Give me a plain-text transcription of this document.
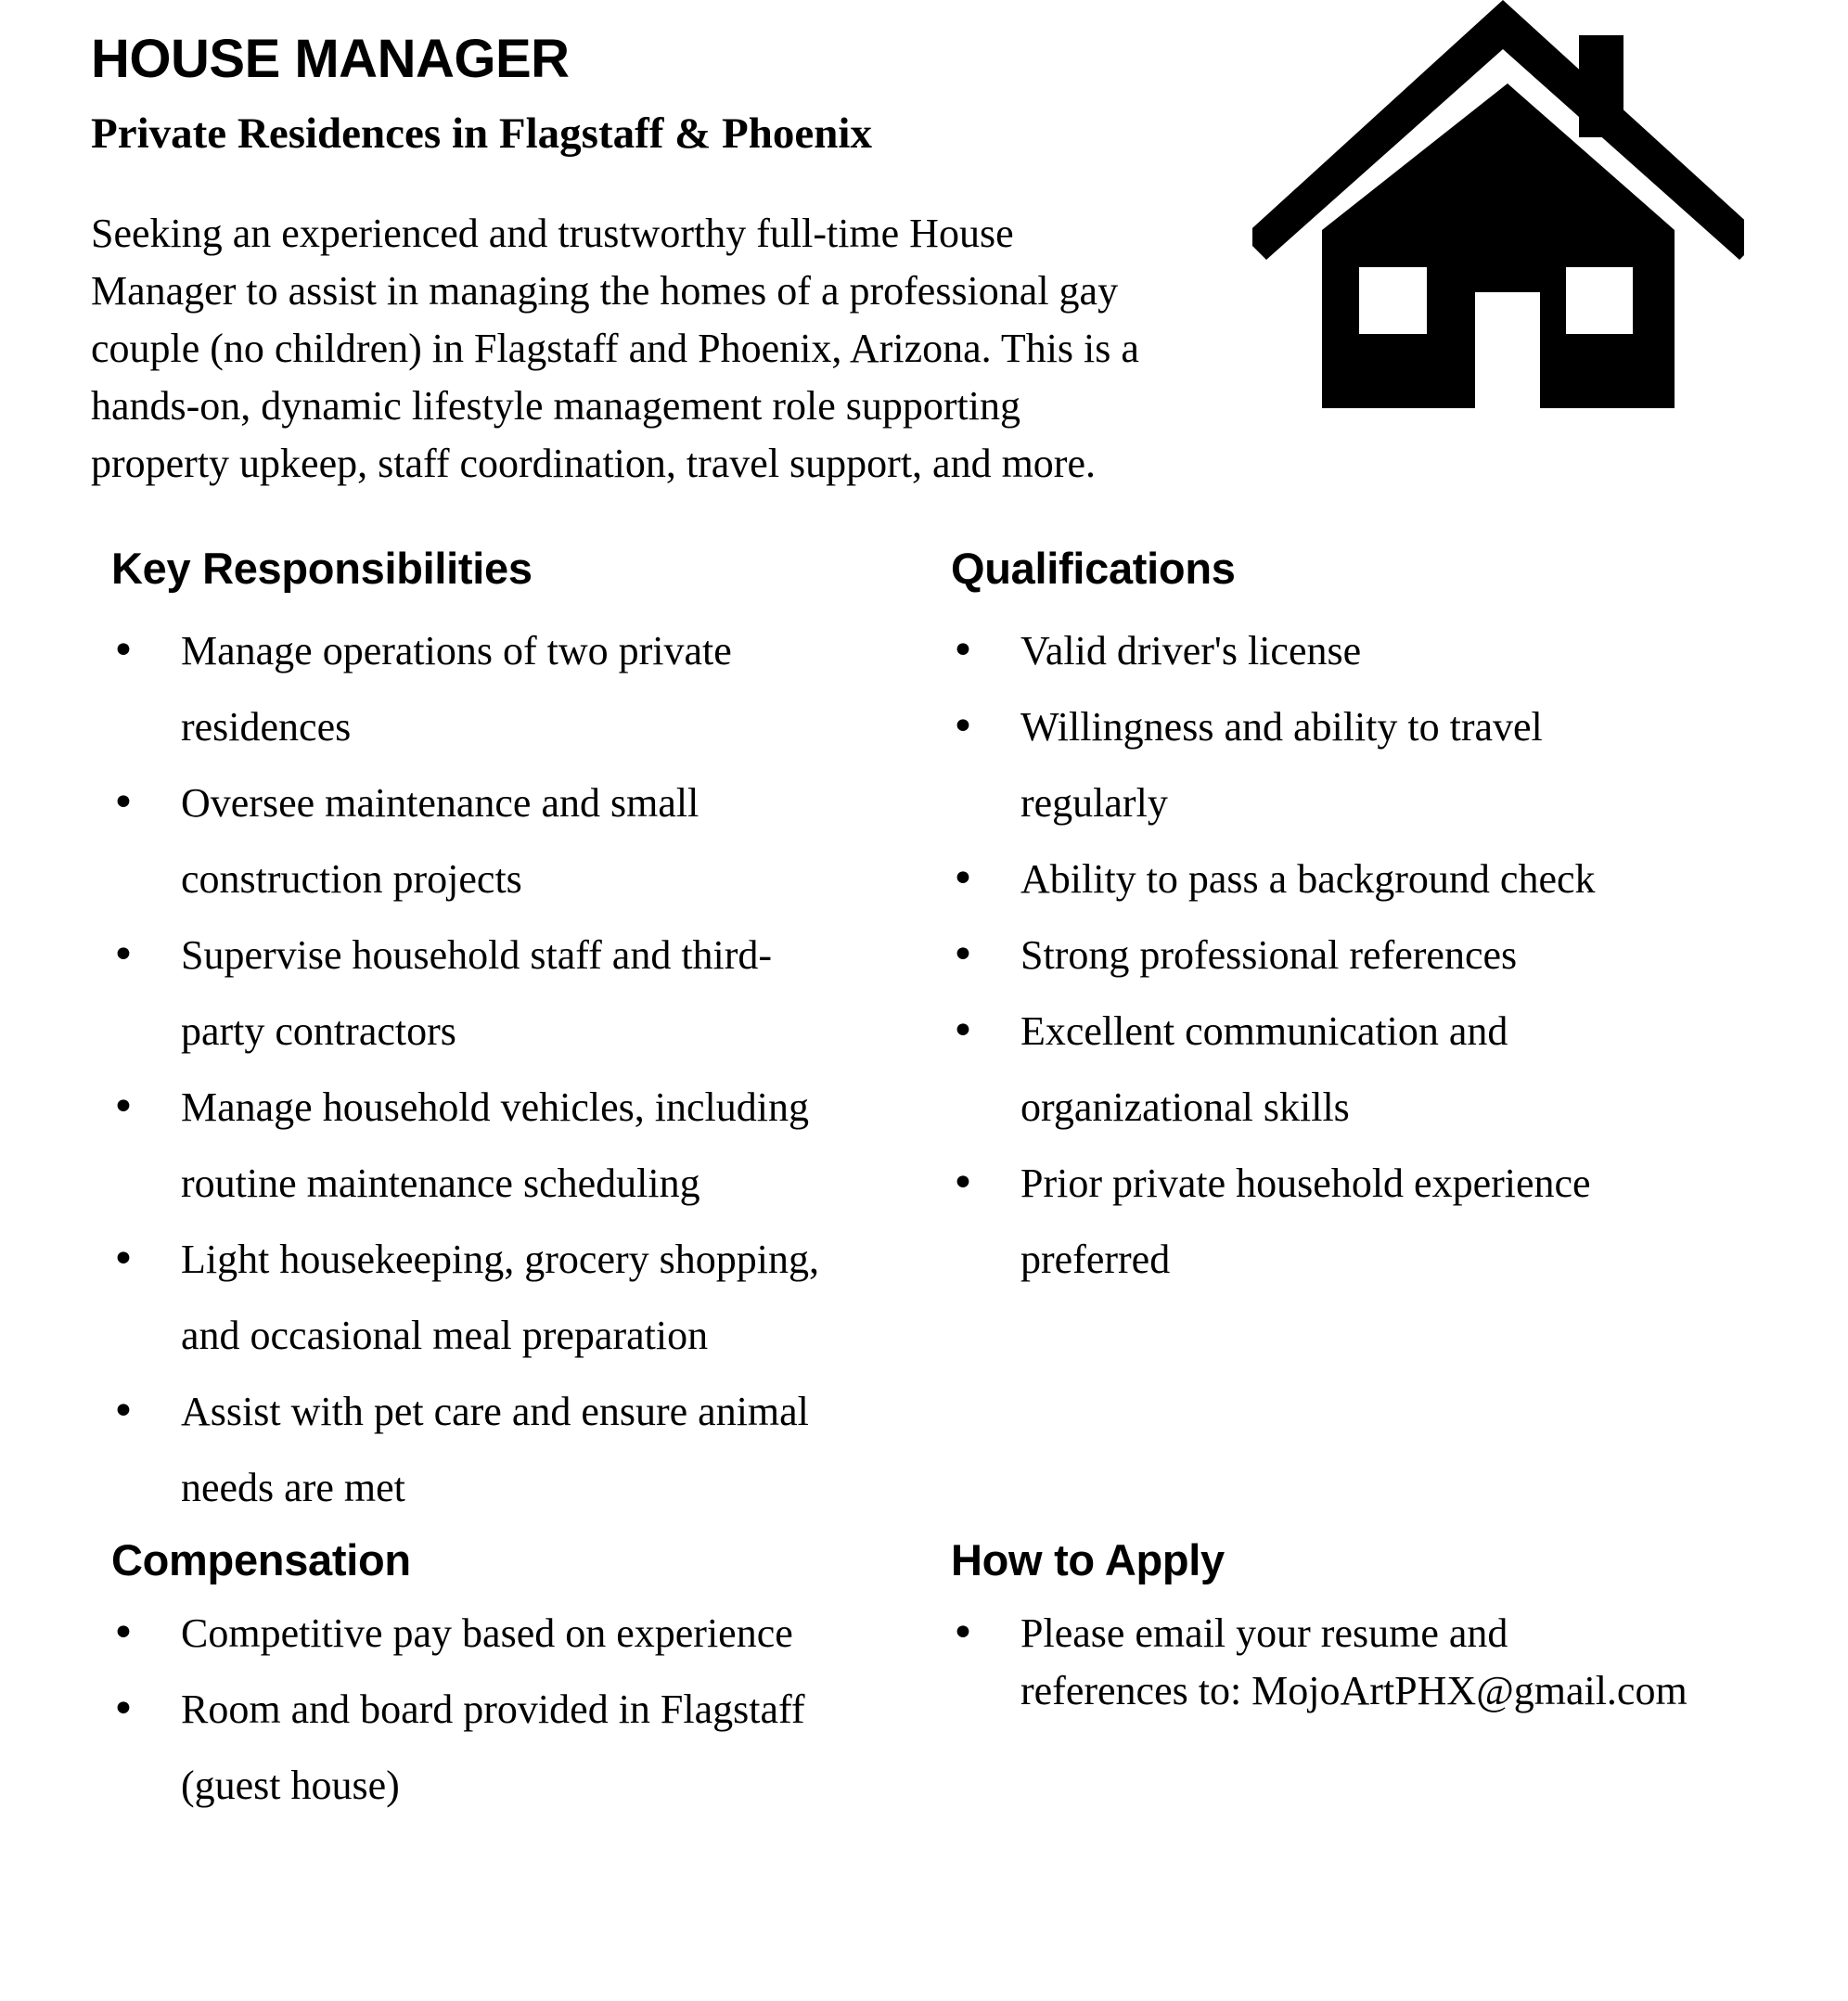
HOUSE MANAGER
Private Residences in Flagstaff & Phoenix

Seeking an experienced and trustworthy full-time House
Manager to assist in managing the homes of a professional gay
couple (no children) in Flagstaff and Phoenix, Arizona. This is a
hands-on, dynamic lifestyle management role supporting
property upkeep, staff coordination, travel support, and more.

Key Responsibilities
• Manage operations of two private
residences
• Oversee maintenance and small
construction projects
• Supervise household staff and third-
party contractors
• Manage household vehicles, including
routine maintenance scheduling
• Light housekeeping, grocery shopping,
and occasional meal preparation
• Assist with pet care and ensure animal
needs are met
Qualifications
• Valid driver's license
• Willingness and ability to travel
regularly
• Ability to pass a background check
• Strong professional references
• Excellent communication and
organizational skills
• Prior private household experience
preferred
Compensation
• Competitive pay based on experience
• Room and board provided in Flagstaff
(guest house)
How to Apply
• Please email your resume and
references to: MojoArtPHX@gmail.com
